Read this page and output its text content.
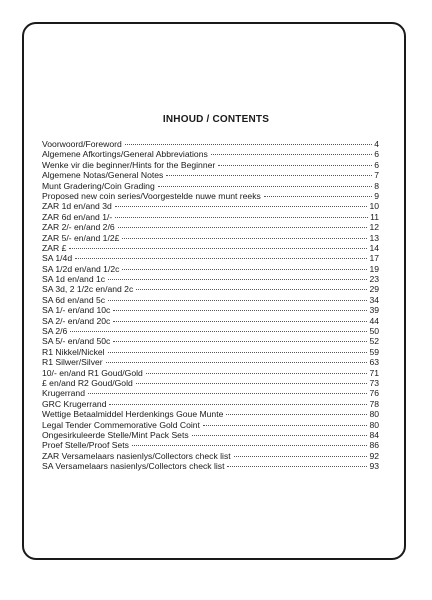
INHOUD / CONTENTS
Voorwoord/Foreword	4
Algemene Afkortings/General Abbreviations	6
Wenke vir die beginner/Hints for the Beginner	6
Algemene Notas/General Notes	7
Munt Gradering/Coin Grading	8
Proposed new coin series/Voorgestelde nuwe munt reeks	9
ZAR 1d en/and 3d	10
ZAR 6d en/and 1/-	11
ZAR 2/- en/and 2/6	12
ZAR 5/- en/and 1/2£	13
ZAR £	14
SA 1/4d	17
SA 1/2d en/and 1/2c	19
SA 1d en/and 1c	23
SA 3d, 2 1/2c en/and 2c	29
SA 6d en/and 5c	34
SA 1/- en/and 10c	39
SA 2/- en/and 20c	44
SA 2/6	50
SA 5/- en/and 50c	52
R1 Nikkel/Nickel	59
R1 Silwer/Silver	63
10/- en/and R1 Goud/Gold	71
£ en/and R2 Goud/Gold	73
Krugerrand	76
GRC Krugerrand	78
Wettige Betaalmiddel Herdenkings Goue Munte	80
Legal Tender Commemorative Gold Coint	80
Ongesirkuleerde Stelle/Mint Pack Sets	84
Proef Stelle/Proof Sets	86
ZAR Versamelaars nasienlys/Collectors check list	92
SA Versamelaars nasienlys/Collectors check list	93
